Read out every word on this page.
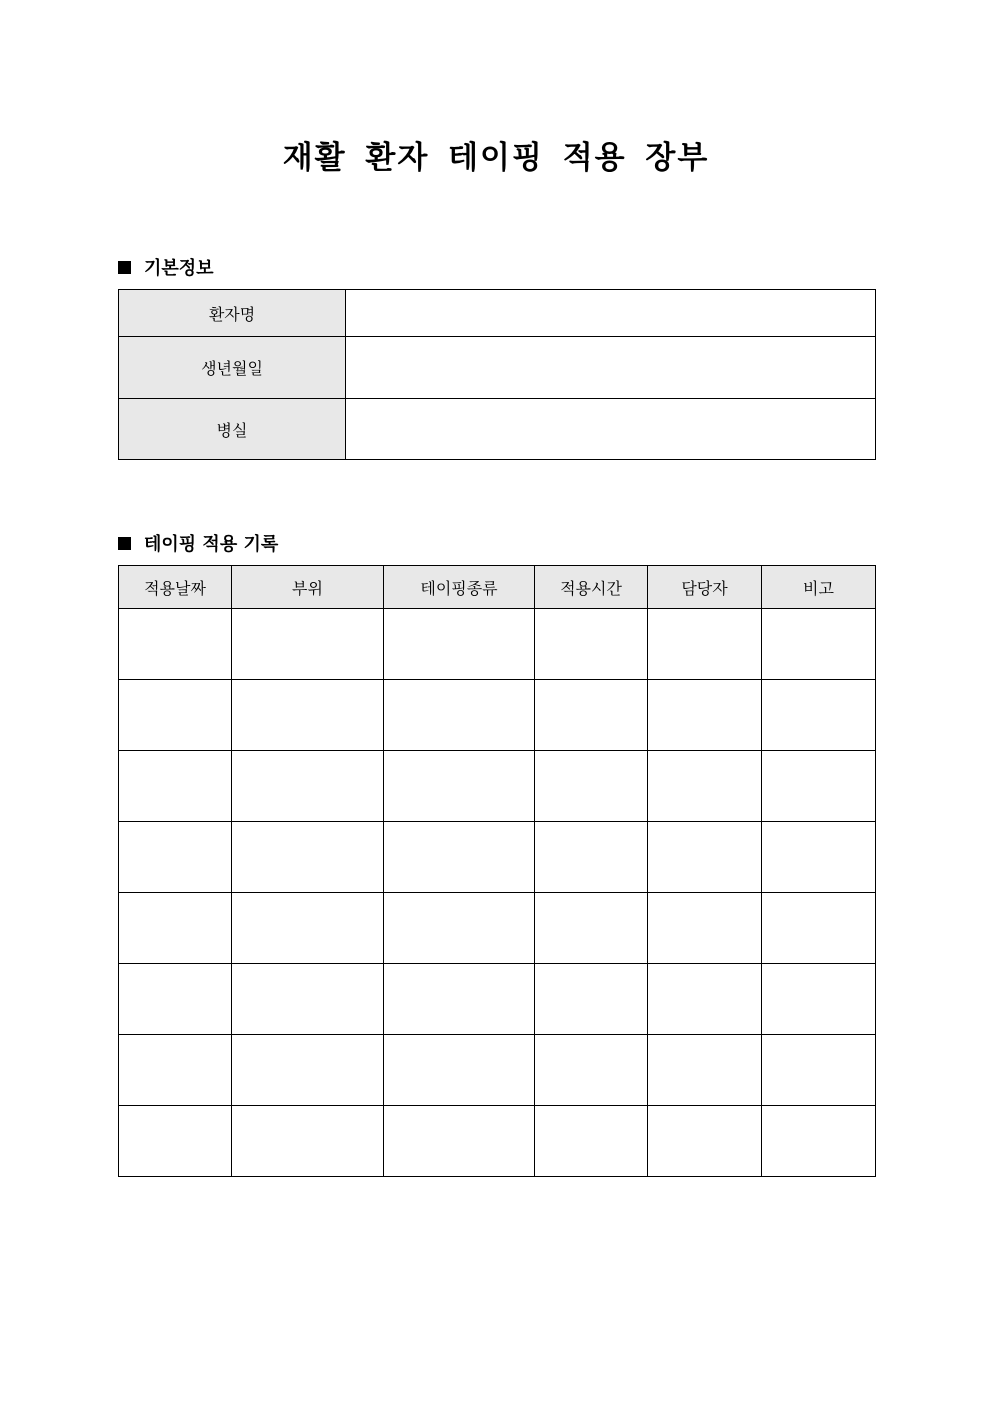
재활 환자 테이핑 적용 장부
기본정보
환자명	
생년월일	
병실	
테이핑 적용 기록
적용날짜	부위	테이핑종류	적용시간	담당자	비고
